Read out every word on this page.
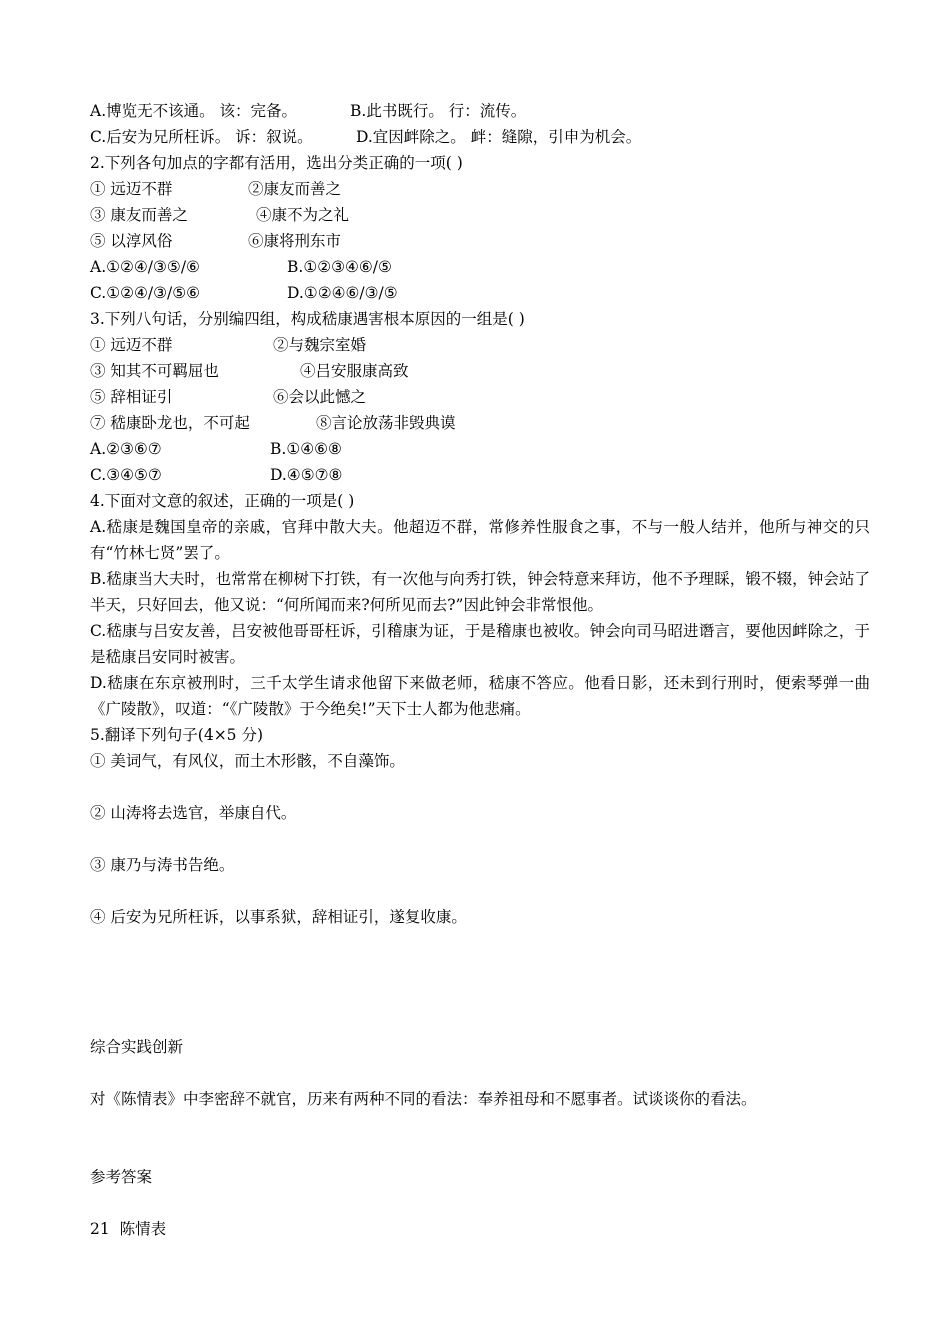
A.博览无不该通。 该：完备。	B.此书既行。 行：流传。
C.后安为兄所枉诉。 诉：叙说。	D.宜因衅除之。 衅：缝隙，引申为机会。
2.下列各句加点的字都有活用，选出分类正确的一项( )
① 远迈不群	②康友而善之
③ 康友而善之	④康不为之礼
⑤ 以淳风俗	⑥康将刑东市
A.①②④/③⑤/⑥	B.①②③④⑥/⑤
C.①②④/③/⑤⑥	D.①②④⑥/③/⑤
3.下列八句话，分别编四组，构成嵇康遇害根本原因的一组是( )
① 远迈不群	②与魏宗室婚
③ 知其不可羁屈也	④吕安服康高致
⑤ 辞相证引	⑥会以此憾之
⑦ 嵇康卧龙也，不可起	⑧言论放荡非毁典谟
A.②③⑥⑦	B.①④⑥⑧
C.③④⑤⑦	D.④⑤⑦⑧
4.下面对文意的叙述，正确的一项是( )
A.嵇康是魏国皇帝的亲戚，官拜中散大夫。他超迈不群，常修养性服食之事，不与一般人结并，他所与神交的只有“竹林七贤”罢了。
B.嵇康当大夫时，也常常在柳树下打铁，有一次他与向秀打铁，钟会特意来拜访，他不予理睬，锻不辍，钟会站了半天，只好回去，他又说：“何所闻而来?何所见而去?”因此钟会非常恨他。
C.嵇康与吕安友善，吕安被他哥哥枉诉，引稽康为证，于是稽康也被收。钟会向司马昭进谮言，要他因衅除之，于是嵇康吕安同时被害。
D.嵇康在东京被刑时，三千太学生请求他留下来做老师，嵇康不答应。他看日影，还未到行刑时，便索琴弹一曲《广陵散》，叹道：“《广陵散》于今绝矣!”天下士人都为他悲痛。
5.翻译下列句子(4×5 分)
① 美词气，有风仪，而土木形骸，不自藻饰。
② 山涛将去选官，举康自代。
③ 康乃与涛书告绝。
④ 后安为兄所枉诉，以事系狱，辞相证引，遂复收康。
综合实践创新
对《陈情表》中李密辞不就官，历来有两种不同的看法：奉养祖母和不愿事者。试谈谈你的看法。
参考答案
21  陈情表
